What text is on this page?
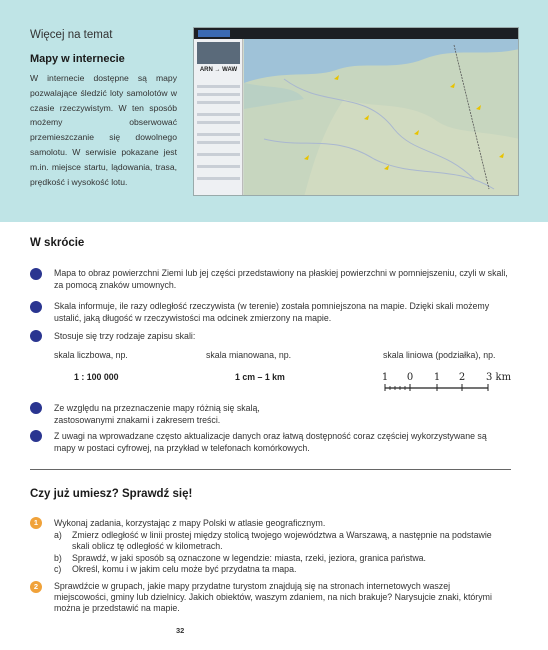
Więcej na temat
Mapy w internecie
W internecie dostępne są mapy pozwalające śledzić loty samolotów w czasie rzeczywistym. W ten sposób możemy obserwować przemieszczanie się dowolnego samolotu. W serwisie pokazane jest m.in. miejsce startu, lądowania, trasa, prędkość i wysokość lotu.
ARN → WAW
W skrócie
Mapa to obraz powierzchni Ziemi lub jej części przedstawiony na płaskiej powierzchni w pomniejszeniu, czyli w skali, za pomocą znaków umownych.
Skala informuje, ile razy odległość rzeczywista (w terenie) została pomniejszona na mapie. Dzięki skali możemy ustalić, jaką długość w rzeczywistości ma odcinek zmierzony na mapie.
Stosuje się trzy rodzaje zapisu skali:
skala liczbowa, np.	skala mianowana, np.	skala liniowa (podziałka), np.
1 : 100 000	1 cm – 1 km	1 0 1 2 3 km
Ze względu na przeznaczenie mapy różnią się skalą, zastosowanymi znakami i zakresem treści.
Z uwagi na wprowadzane często aktualizacje danych oraz łatwą dostępność coraz częściej wykorzystywane są mapy w postaci cyfrowej, na przykład w telefonach komórkowych.
Czy już umiesz? Sprawdź się!
1	Wykonaj zadania, korzystając z mapy Polski w atlasie geograficznym.
a) Zmierz odległość w linii prostej między stolicą twojego województwa a Warszawą, a następnie na podstawie skali oblicz tę odległość w kilometrach.
b) Sprawdź, w jaki sposób są oznaczone w legendzie: miasta, rzeki, jeziora, granica państwa.
c) Określ, komu i w jakim celu może być przydatna ta mapa.
2	Sprawdźcie w grupach, jakie mapy przydatne turystom znajdują się na stronach internetowych waszej miejscowości, gminy lub dzielnicy. Jakich obiektów, waszym zdaniem, na nich brakuje? Narysujcie znaki, którymi można je przedstawić na mapie.
32
